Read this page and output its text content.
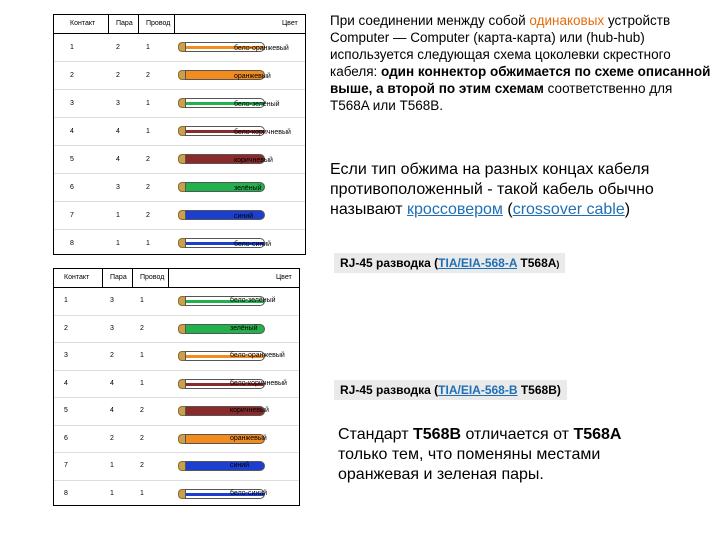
Контакт	Пара Провод	Цвет
1	2	1	бело-оранжевый
2	2	2	оранжевый
3	3	1	бело-зелёный
4	4	1	бело-коричневый
5	4	2	коричневый
6	3	2	зелёный
7	1	2	синий
8	1	1	бело-синий
Контакт	Пара Провод	Цвет
1	3	1	бело-зелёный
2	3	2	зелёный
3	2	1	бело-оранжевый
4	4	1	бело-коричневый
5	4	2	коричневый
6	2	2	оранжевый
7	1	2	синий
8	1	1	бело-синий
При соединении менжду собой одинаковых устройств Computer — Computer (карта-карта) или (hub-hub) используется следующая схема цоколевки скрестного кабеля: один коннектор обжимается по схеме описанной выше, а второй по этим схемам соответственно для T568A или T568B.
Если тип обжима на разных концах кабеля противоположенный - такой кабель обычно называют кроссовером (crossover cable)
RJ-45 разводка (TIA/EIA-568-A T568A)
RJ-45 разводка (TIA/EIA-568-B T568B)
Стандарт T568B отличается от T568A только тем, что поменяны местами оранжевая и зеленая пары.
